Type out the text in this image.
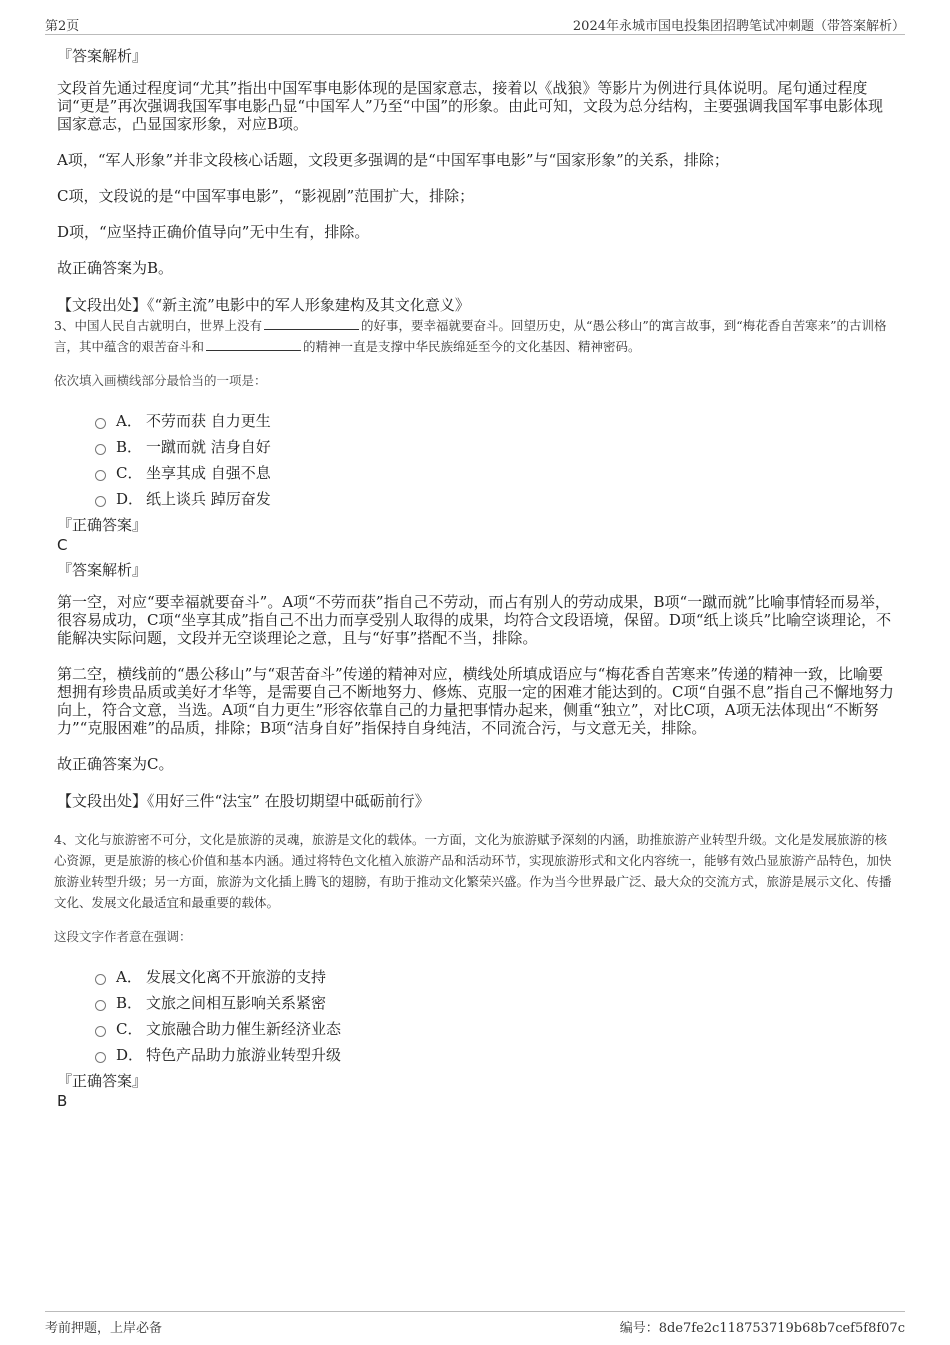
第2页	2024年永城市国电投集团招聘笔试冲刺题（带答案解析）
『答案解析』

文段首先通过程度词“尤其”指出中国军事电影体现的是国家意志，接着以《战狼》等影片为例进行具体说明。尾句通过程度词“更是”再次强调我国军事电影凸显“中国军人”乃至“中国”的形象。由此可知，文段为总分结构，主要强调我国军事电影体现国家意志，凸显国家形象，对应B项。

A项，“军人形象”并非文段核心话题，文段更多强调的是“中国军事电影”与“国家形象”的关系，排除；

C项，文段说的是“中国军事电影”，“影视剧”范围扩大，排除；

D项，“应坚持正确价值导向”无中生有，排除。

故正确答案为B。

【文段出处】《“新主流”电影中的军人形象建构及其文化意义》

3、中国人民自古就明白，世界上没有	的好事，要幸福就要奋斗。回望历史，从“愚公移山”的寓言故事，到“梅花香自苦寒来”的古训格言，其中蕴含的艰苦奋斗和	的精神一直是支撑中华民族绵延至今的文化基因、精神密码。
依次填入画横线部分最恰当的一项是：
A． 不劳而获 自力更生
B． 一蹴而就 洁身自好
C． 坐享其成 自强不息
D． 纸上谈兵 踔厉奋发
『正确答案』
C
『答案解析』

第一空，对应“要幸福就要奋斗”。A项“不劳而获”指自己不劳动，而占有别人的劳动成果，B项“一蹴而就”比喻事情轻而易举，很容易成功，C项“坐享其成”指自己不出力而享受别人取得的成果，均符合文段语境，保留。D项“纸上谈兵”比喻空谈理论，不能解决实际问题，文段并无空谈理论之意，且与“好事”搭配不当，排除。

第二空，横线前的“愚公移山”与“艰苦奋斗”传递的精神对应，横线处所填成语应与“梅花香自苦寒来”传递的精神一致，比喻要想拥有珍贵品质或美好才华等，是需要自己不断地努力、修炼、克服一定的困难才能达到的。C项“自强不息”指自己不懈地努力向上，符合文意，当选。A项“自力更生”形容依靠自己的力量把事情办起来，侧重“独立”，对比C项，A项无法体现出“不断努力”“克服困难”的品质，排除；B项“洁身自好”指保持自身纯洁，不同流合污，与文意无关，排除。

故正确答案为C。

【文段出处】《用好三件“法宝” 在股切期望中砥砺前行》

4、文化与旅游密不可分，文化是旅游的灵魂，旅游是文化的载体。一方面，文化为旅游赋予深刻的内涵，助推旅游产业转型升级。文化是发展旅游的核心资源，更是旅游的核心价值和基本内涵。通过将特色文化植入旅游产品和活动环节，实现旅游形式和文化内容统一，能够有效凸显旅游产品特色，加快旅游业转型升级；另一方面，旅游为文化插上腾飞的翅膀，有助于推动文化繁荣兴盛。作为当今世界最广泛、最大众的交流方式，旅游是展示文化、传播文化、发展文化最适宜和最重要的载体。
这段文字作者意在强调：
A． 发展文化离不开旅游的支持
B． 文旅之间相互影响关系紧密
C． 文旅融合助力催生新经济业态
D． 特色产品助力旅游业转型升级
『正确答案』
B
考前押题，上岸必备	编号：8de7fe2c118753719b68b7cef5f8f07c
